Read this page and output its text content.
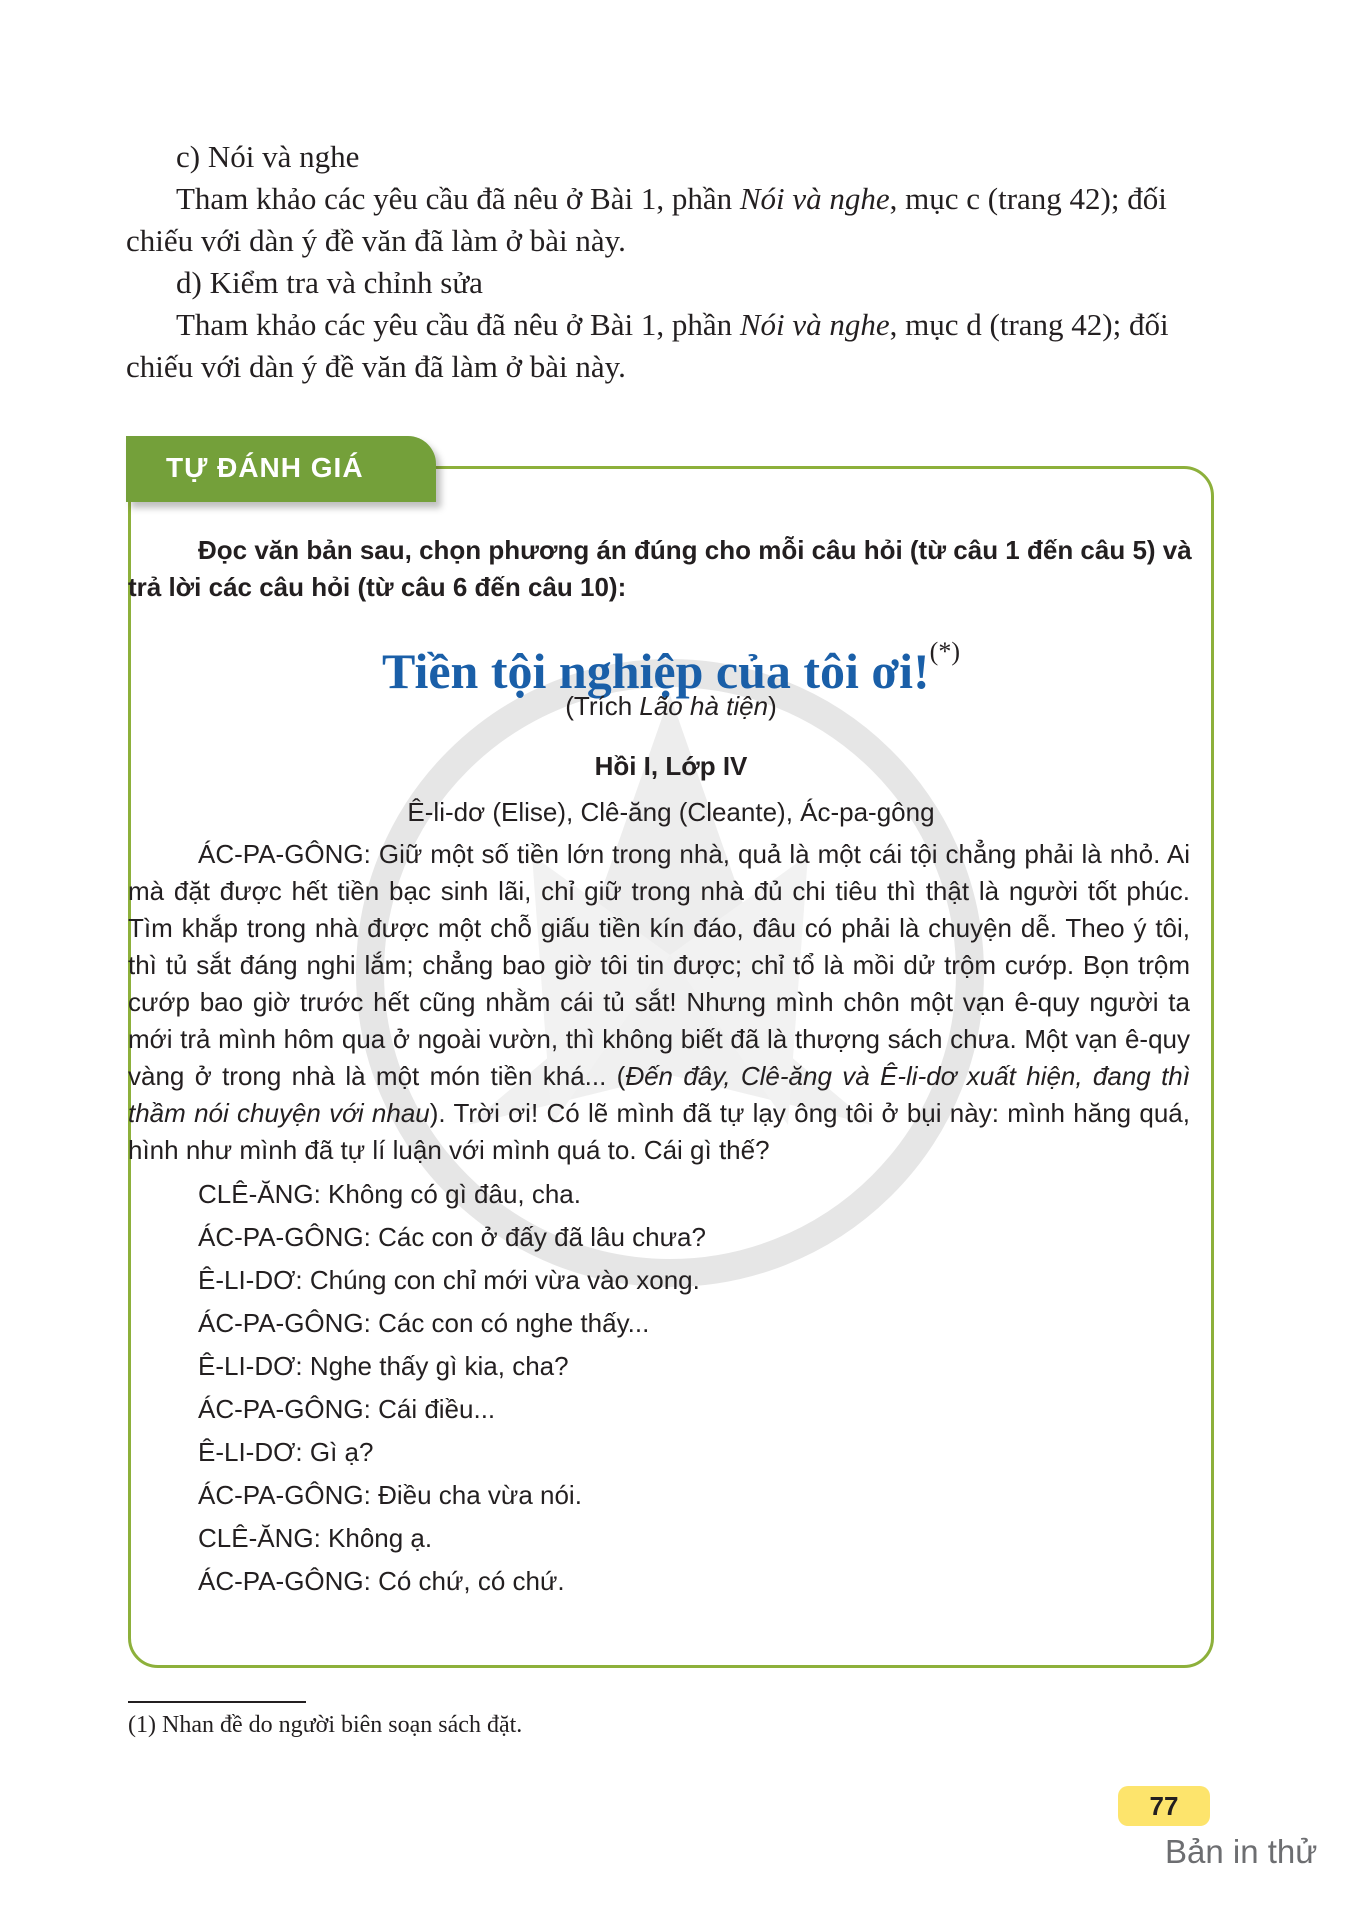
c) Nói và nghe

Tham khảo các yêu cầu đã nêu ở Bài 1, phần Nói và nghe, mục c (trang 42); đối chiếu với dàn ý đề văn đã làm ở bài này.

d) Kiểm tra và chỉnh sửa

Tham khảo các yêu cầu đã nêu ở Bài 1, phần Nói và nghe, mục d (trang 42); đối chiếu với dàn ý đề văn đã làm ở bài này.

TỰ ĐÁNH GIÁ

Đọc văn bản sau, chọn phương án đúng cho mỗi câu hỏi (từ câu 1 đến câu 5) và trả lời các câu hỏi (từ câu 6 đến câu 10):

Tiền tội nghiệp của tôi ơi!(*)
(Trích Lão hà tiện)
Hồi I, Lớp IV
Ê-li-dơ (Elise), Clê-ăng (Cleante), Ác-pa-gông

ÁC-PA-GÔNG: Giữ một số tiền lớn trong nhà, quả là một cái tội chẳng phải là nhỏ. Ai mà đặt được hết tiền bạc sinh lãi, chỉ giữ trong nhà đủ chi tiêu thì thật là người tốt phúc. Tìm khắp trong nhà được một chỗ giấu tiền kín đáo, đâu có phải là chuyện dễ. Theo ý tôi, thì tủ sắt đáng nghi lắm; chẳng bao giờ tôi tin được; chỉ tổ là mồi dử trộm cướp. Bọn trộm cướp bao giờ trước hết cũng nhằm cái tủ sắt! Nhưng mình chôn một vạn ê-quy người ta mới trả mình hôm qua ở ngoài vườn, thì không biết đã là thượng sách chưa. Một vạn ê-quy vàng ở trong nhà là một món tiền khá... (Đến đây, Clê-ăng và Ê-li-dơ xuất hiện, đang thì thầm nói chuyện với nhau). Trời ơi! Có lẽ mình đã tự lạy ông tôi ở bụi này: mình hăng quá, hình như mình đã tự lí luận với mình quá to. Cái gì thế?

CLÊ-ĂNG: Không có gì đâu, cha.

ÁC-PA-GÔNG: Các con ở đấy đã lâu chưa?

Ê-LI-DƠ: Chúng con chỉ mới vừa vào xong.

ÁC-PA-GÔNG: Các con có nghe thấy...

Ê-LI-DƠ: Nghe thấy gì kia, cha?

ÁC-PA-GÔNG: Cái điều...

Ê-LI-DƠ: Gì ạ?

ÁC-PA-GÔNG: Điều cha vừa nói.

CLÊ-ĂNG: Không ạ.

ÁC-PA-GÔNG: Có chứ, có chứ.

(1) Nhan đề do người biên soạn sách đặt.
77
Bản in thử
